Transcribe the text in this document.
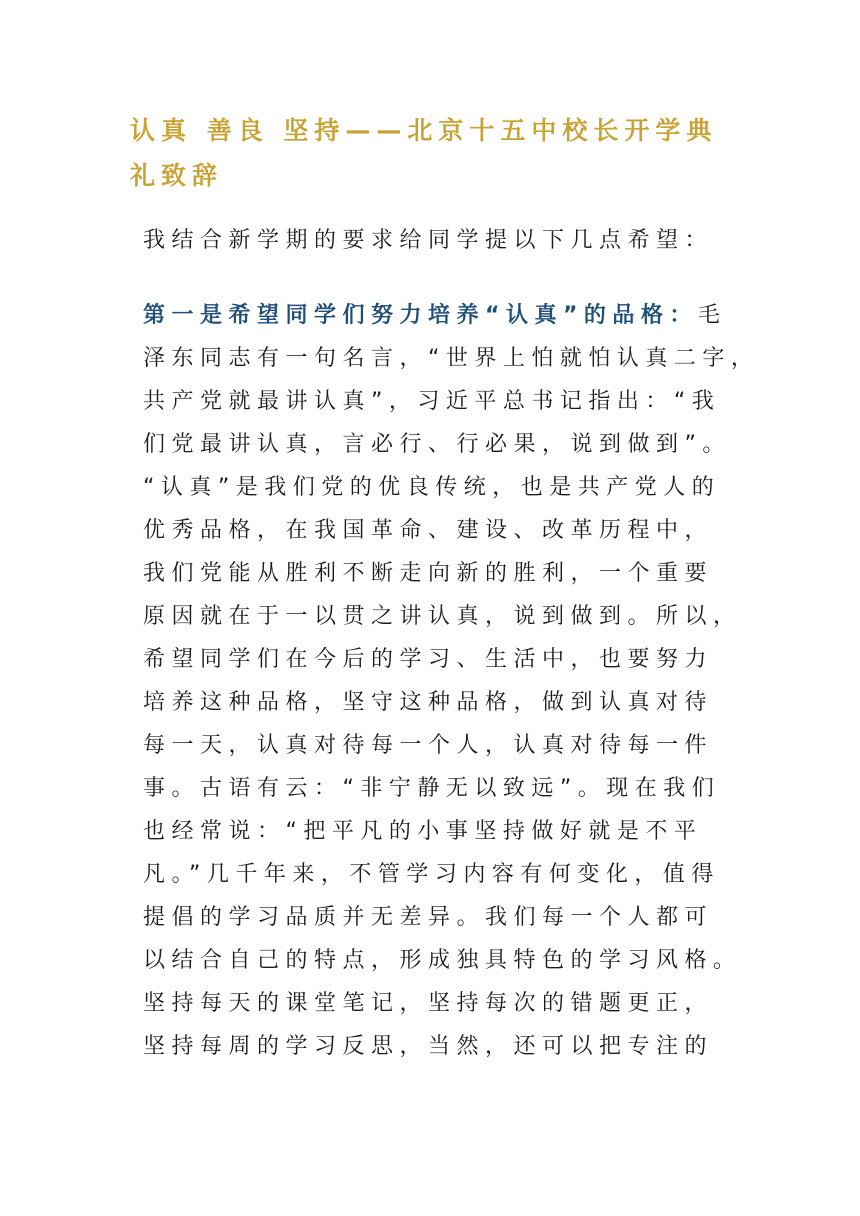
认真 善良 坚持——北京十五中校长开学典礼致辞
我结合新学期的要求给同学提以下几点希望：
第一是希望同学们努力培养“认真”的品格：毛
泽东同志有一句名言，“世界上怕就怕认真二字，
共产党就最讲认真”，习近平总书记指出：“我
们党最讲认真，言必行、行必果，说到做到”。
“认真”是我们党的优良传统，也是共产党人的
优秀品格，在我国革命、建设、改革历程中，
我们党能从胜利不断走向新的胜利，一个重要
原因就在于一以贯之讲认真，说到做到。所以，
希望同学们在今后的学习、生活中，也要努力
培养这种品格，坚守这种品格，做到认真对待
每一天，认真对待每一个人，认真对待每一件
事。古语有云：“非宁静无以致远”。现在我们
也经常说：“把平凡的小事坚持做好就是不平
凡。”几千年来，不管学习内容有何变化，值得
提倡的学习品质并无差异。我们每一个人都可
以结合自己的特点，形成独具特色的学习风格。
坚持每天的课堂笔记，坚持每次的错题更正，
坚持每周的学习反思，当然，还可以把专注的
